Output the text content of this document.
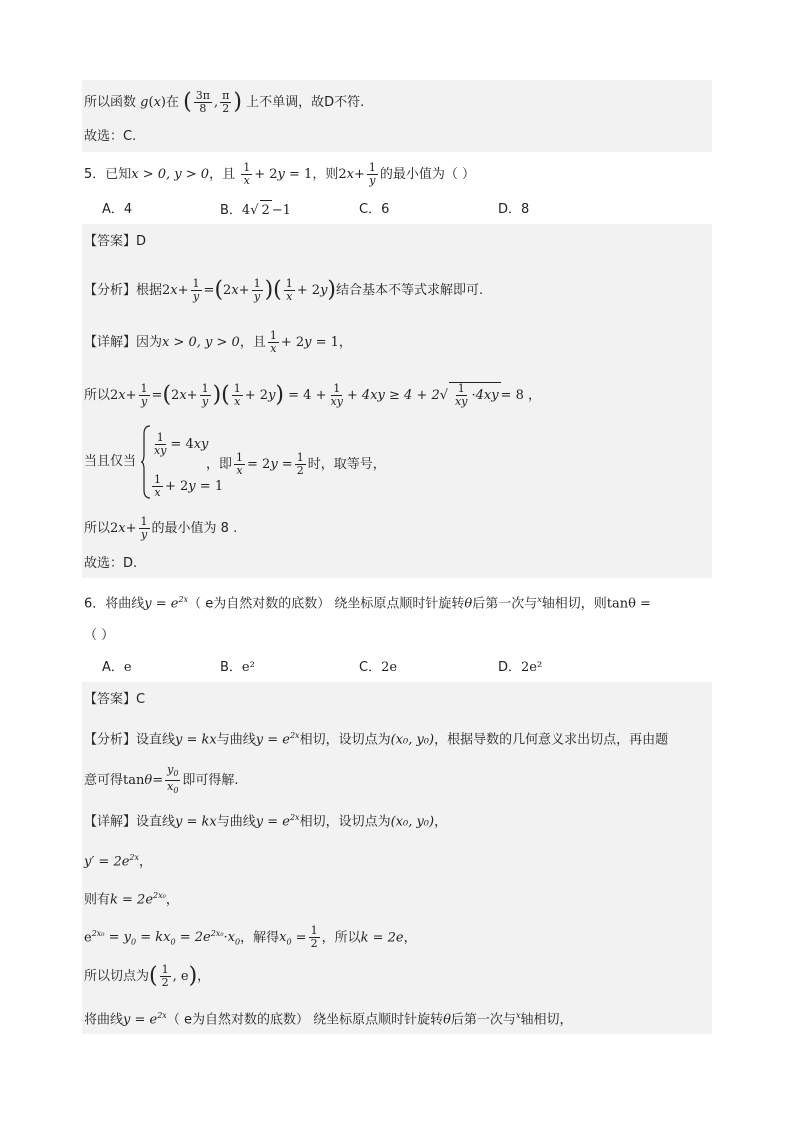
所以函数 g(x)在 ( $\frac{3\pi}{8}$ , $\frac{\pi}{2}$ ) 上不单调，故D不符.
故选：C.
5．已知x > 0, y > 0，且 $\frac{1}{x} + 2y = 1$，则$2x+ \frac{1}{y}$ 的最小值为（ ）
A．4	B．4√ 2 −1	C．6	D．8
【答案】D
【分析】根据$2x+ \frac{1}{y} =(2x+ \frac{1}{y}$ )( $\frac{1}{x} + 2y$)结合基本不等式求解即可.
【详解】因为x > 0, y > 0，且 $\frac{1}{x} + 2y = 1$，
所以$2x+ \frac{1}{y} =(2x+ \frac{1}{y}$ )( $\frac{1}{x} + 2y) = 4 + \frac{1}{xy} + 4xy \ge 4 + 2√ \frac{1}{xy} \cdot 4xy = 8$ ，
当且仅当
$\frac{1}{xy} = 4xy$
$\frac{1}{x} + 2y = 1$
，即 $\frac{1}{x} = 2y = \frac{1}{2}$ 时，取等号，
所以$2x+ \frac{1}{y}$ 的最小值为 8 .
故选：D.
6．将曲线$y = e^{2x}$（ e为自然对数的底数） 绕坐标原点顺时针旋转θ后第一次与$^x$轴相切，则tanθ =
（ ）
A．e	B．e²	C．2e	D．2e²
【答案】C
【分析】设直线y = kx与曲线$y = e^{2x}$相切，设切点为(x₀, y₀)，根据导数的几何意义求出切点，再由题
意可得$\tan\theta= \frac{y_0}{x_0}$ 即可得解.
【详解】设直线y = kx与曲线$y = e^{2x}$相切，设切点为(x₀, y₀)，
$y' = 2e^{2x}$，
则有$k = 2e^{2x_0}$，
$e^{2x_0} = y_0 = kx_0 = 2e^{2x_0}\cdot x_0$，解得$x_0 = \frac{1}{2}$ ，所以k = 2e，
所以切点为( $\frac{1}{2}$ , e)，
将曲线$y = e^{2x}$（ e为自然对数的底数） 绕坐标原点顺时针旋转θ后第一次与$^x$轴相切，
